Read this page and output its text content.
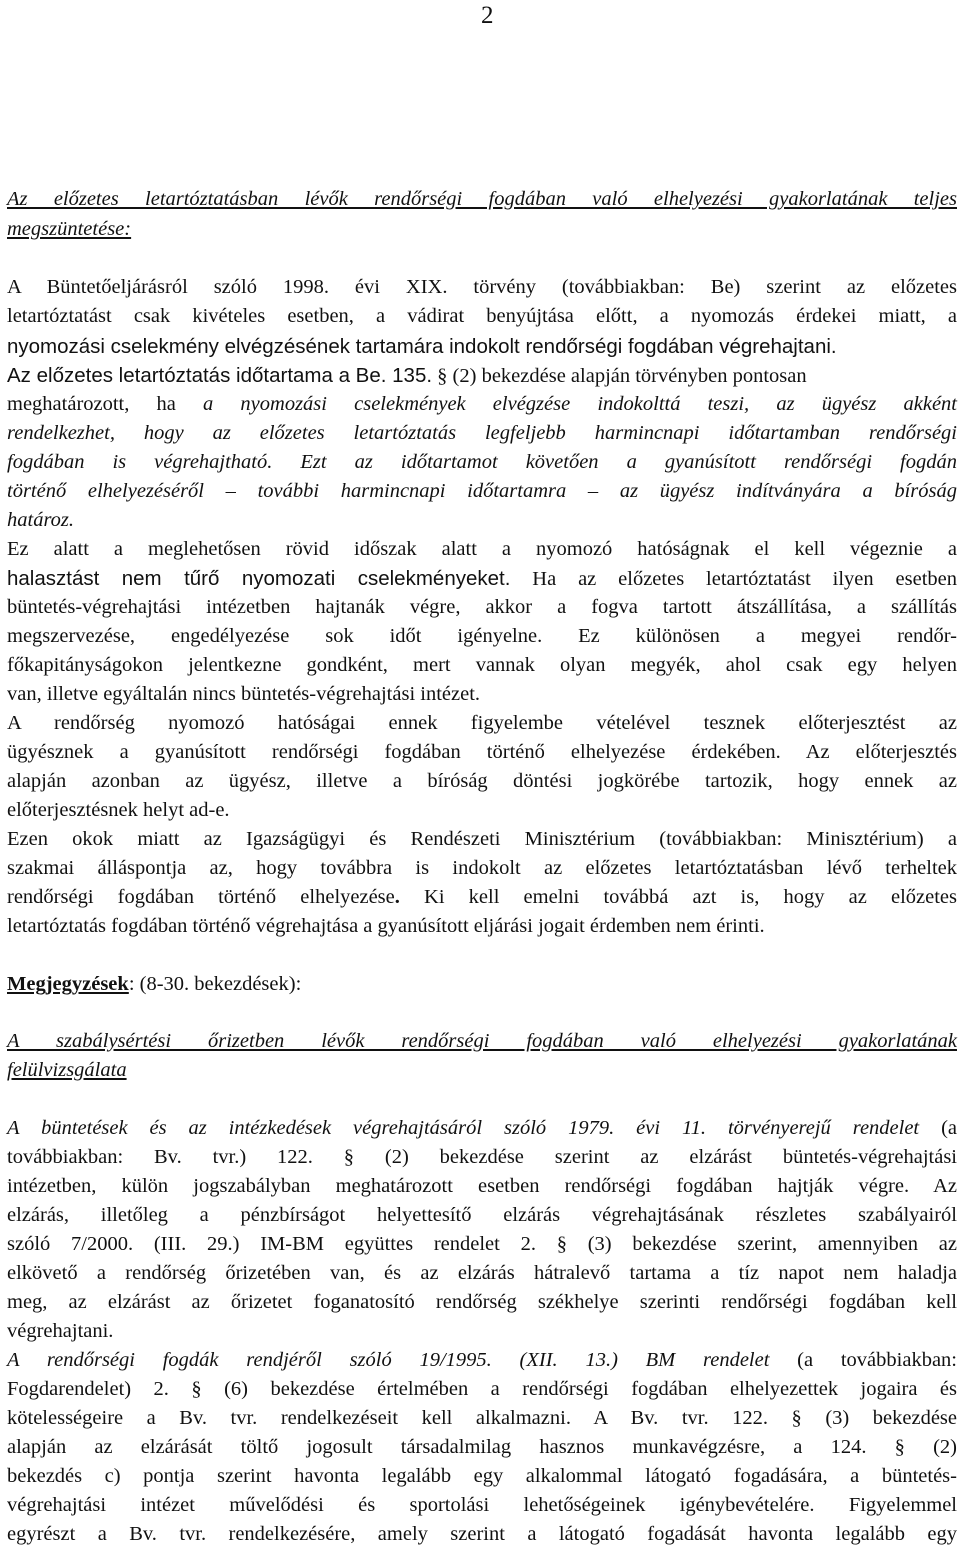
2
Az előzetes letartóztatásban lévők rendőrségi fogdában való elhelyezési gyakorlatának teljes
megszüntetése:
A Büntetőeljárásról szóló 1998. évi XIX. törvény (továbbiakban: Be) szerint az előzetes
letartóztatást csak kivételes esetben, a vádirat benyújtása előtt, a nyomozás érdekei miatt, a
nyomozási cselekmény elvégzésének tartamára indokolt rendőrségi fogdában végrehajtani.
Az előzetes letartóztatás időtartama a Be. 135. § (2) bekezdése alapján törvényben pontosan
meghatározott, ha a nyomozási cselekmények elvégzése indokolttá teszi, az ügyész akként
rendelkezhet, hogy az előzetes letartóztatás legfeljebb harmincnapi időtartamban rendőrségi
fogdában is végrehajtható. Ezt az időtartamot követően a gyanúsított rendőrségi fogdán
történő elhelyezéséről – további harmincnapi időtartamra – az ügyész indítványára a bíróság
határoz.
Ez alatt a meglehetősen rövid időszak alatt a nyomozó hatóságnak el kell végeznie a
halasztást nem tűrő nyomozati cselekményeket. Ha az előzetes letartóztatást ilyen esetben
büntetés-végrehajtási intézetben hajtanák végre, akkor a fogva tartott átszállítása, a szállítás
megszervezése, engedélyezése sok időt igényelne. Ez különösen a megyei rendőr-
főkapitányságokon jelentkezne gondként, mert vannak olyan megyék, ahol csak egy helyen
van, illetve egyáltalán nincs büntetés-végrehajtási intézet.
A rendőrség nyomozó hatóságai ennek figyelembe vételével tesznek előterjesztést az
ügyésznek a gyanúsított rendőrségi fogdában történő elhelyezése érdekében. Az előterjesztés
alapján azonban az ügyész, illetve a bíróság döntési jogkörébe tartozik, hogy ennek az
előterjesztésnek helyt ad-e.
Ezen okok miatt az Igazságügyi és Rendészeti Minisztérium (továbbiakban: Minisztérium) a
szakmai álláspontja az, hogy továbbra is indokolt az előzetes letartóztatásban lévő terheltek
rendőrségi fogdában történő elhelyezése. Ki kell emelni továbbá azt is, hogy az előzetes
letartóztatás fogdában történő végrehajtása a gyanúsított eljárási jogait érdemben nem érinti.
Megjegyzések: (8-30. bekezdések):
A szabálysértési őrizetben lévők rendőrségi fogdában való elhelyezési gyakorlatának
felülvizsgálata
A büntetések és az intézkedések végrehajtásáról szóló 1979. évi 11. törvényerejű rendelet (a
továbbiakban: Bv. tvr.) 122. § (2) bekezdése szerint az elzárást büntetés-végrehajtási
intézetben, külön jogszabályban meghatározott esetben rendőrségi fogdában hajtják végre. Az
elzárás, illetőleg a pénzbírságot helyettesítő elzárás végrehajtásának részletes szabályairól
szóló 7/2000. (III. 29.) IM-BM együttes rendelet 2. § (3) bekezdése szerint, amennyiben az
elkövető a rendőrség őrizetében van, és az elzárás hátralevő tartama a tíz napot nem haladja
meg, az elzárást az őrizetet foganatosító rendőrség székhelye szerinti rendőrségi fogdában kell
végrehajtani.
A rendőrségi fogdák rendjéről szóló 19/1995. (XII. 13.) BM rendelet (a továbbiakban:
Fogdarendelet) 2. § (6) bekezdése értelmében a rendőrségi fogdában elhelyezettek jogaira és
kötelességeire a Bv. tvr. rendelkezéseit kell alkalmazni. A Bv. tvr. 122. § (3) bekezdése
alapján az elzárását töltő jogosult társadalmilag hasznos munkavégzésre, a 124. § (2)
bekezdés c) pontja szerint havonta legalább egy alkalommal látogató fogadására, a büntetés-
végrehajtási intézet művelődési és sportolási lehetőségeinek igénybevételére. Figyelemmel
egyrészt a Bv. tvr. rendelkezésére, amely szerint a látogató fogadását havonta legalább egy
